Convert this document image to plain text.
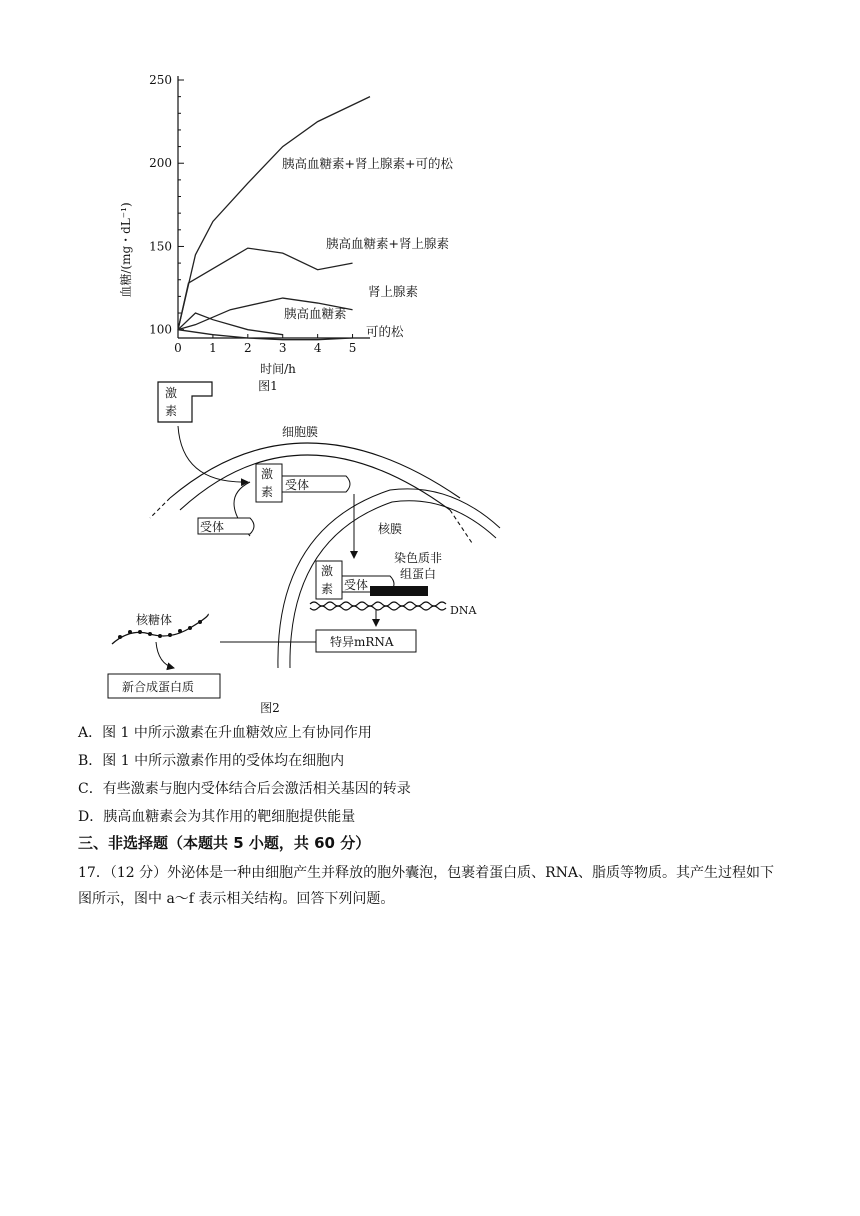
100
150
200
250
0 1 2 3 4 5
血糖/(mg・dL⁻¹)
时间/h
图1
胰高血糖素+肾上腺素+可的松
胰高血糖素+肾上腺素
肾上腺素
胰高血糖素
可的松
激
素
细胞膜
激
素 受体
受体	核膜
激
素 受体
染色质非
组蛋白
DNA
特异mRNA
核糖体
新合成蛋白质
图2
A．图 1 中所示激素在升血糖效应上有协同作用
B．图 1 中所示激素作用的受体均在细胞内
C．有些激素与胞内受体结合后会激活相关基因的转录
D．胰高血糖素会为其作用的靶细胞提供能量
三、非选择题（本题共 5 小题，共 60 分）
17．（12 分）外泌体是一种由细胞产生并释放的胞外囊泡，包裹着蛋白质、RNA、脂质等物质。其产生过程如下图所示，图中 a～f 表示相关结构。回答下列问题。
